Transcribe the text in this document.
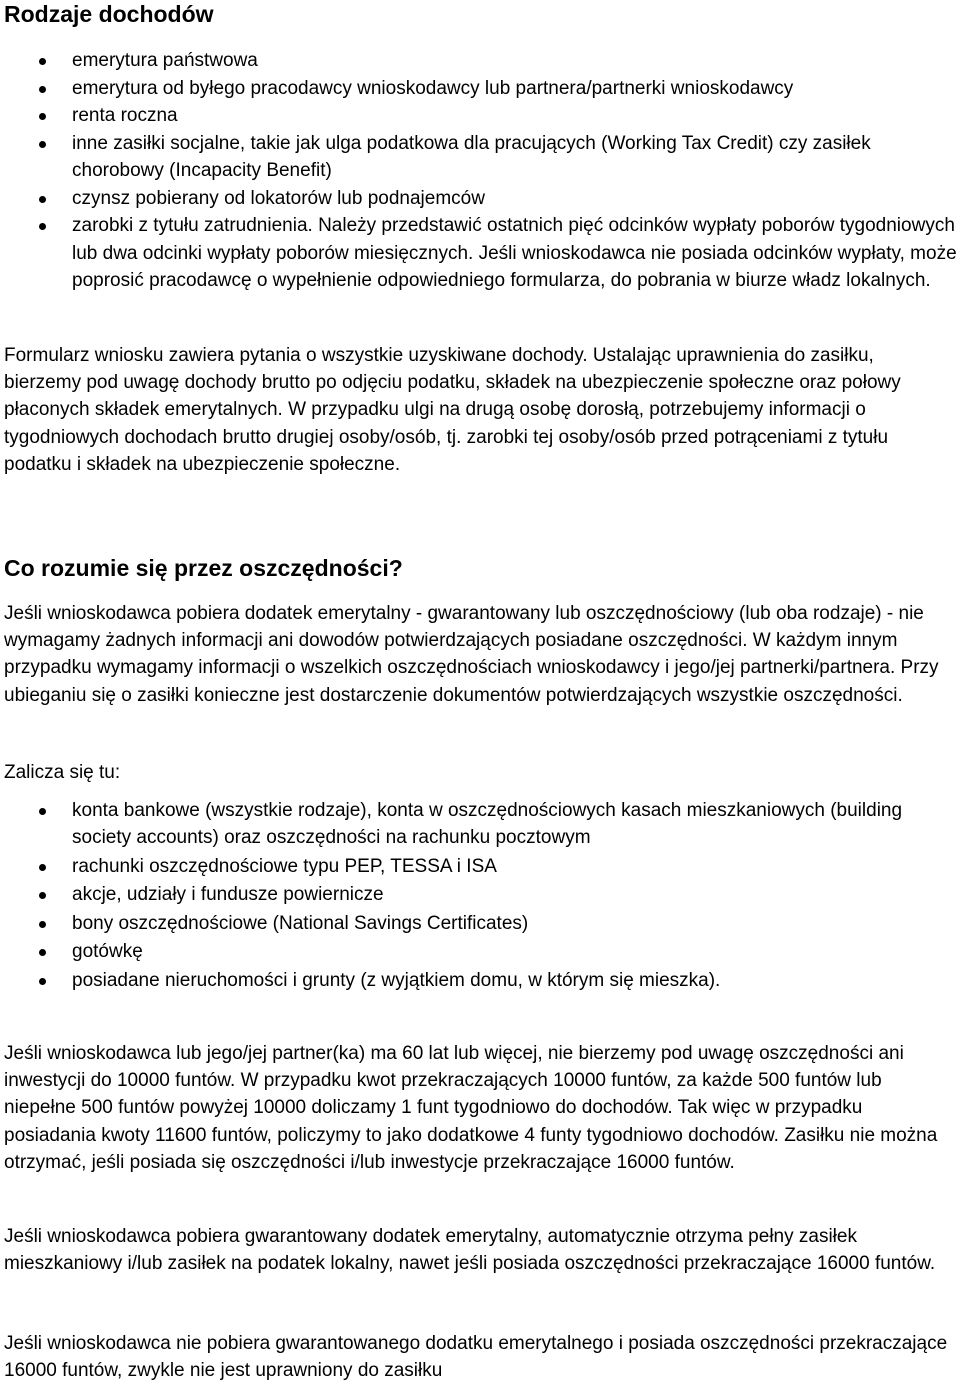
Rodzaje dochodów
emerytura państwowa
emerytura od byłego pracodawcy wnioskodawcy lub partnera/partnerki wnioskodawcy
renta roczna
inne zasiłki socjalne, takie jak ulga podatkowa dla pracujących (Working Tax Credit) czy zasiłek chorobowy (Incapacity Benefit)
czynsz pobierany od lokatorów lub podnajemców
zarobki z tytułu zatrudnienia. Należy przedstawić ostatnich pięć odcinków wypłaty poborów tygodniowych lub dwa odcinki wypłaty poborów miesięcznych. Jeśli wnioskodawca nie posiada odcinków wypłaty, może poprosić pracodawcę o wypełnienie odpowiedniego formularza, do pobrania w biurze władz lokalnych.

Formularz wniosku zawiera pytania o wszystkie uzyskiwane dochody. Ustalając uprawnienia do zasiłku, bierzemy pod uwagę dochody brutto po odjęciu podatku, składek na ubezpieczenie społeczne oraz połowy płaconych składek emerytalnych. W przypadku ulgi na drugą osobę dorosłą, potrzebujemy informacji o tygodniowych dochodach brutto drugiej osoby/osób, tj. zarobki tej osoby/osób przed potrąceniami z tytułu podatku i składek na ubezpieczenie społeczne.

Co rozumie się przez oszczędności?

Jeśli wnioskodawca pobiera dodatek emerytalny - gwarantowany lub oszczędnościowy (lub oba rodzaje) - nie wymagamy żadnych informacji ani dowodów potwierdzających posiadane oszczędności. W każdym innym przypadku wymagamy informacji o wszelkich oszczędnościach wnioskodawcy i jego/jej partnerki/partnera. Przy ubieganiu się o zasiłki konieczne jest dostarczenie dokumentów potwierdzających wszystkie oszczędności.

Zalicza się tu:

konta bankowe (wszystkie rodzaje), konta w oszczędnościowych kasach mieszkaniowych (building society accounts) oraz oszczędności na rachunku pocztowym
rachunki oszczędnościowe typu PEP, TESSA i ISA
akcje, udziały i fundusze powiernicze
bony oszczędnościowe (National Savings Certificates)
gotówkę
posiadane nieruchomości i grunty (z wyjątkiem domu, w którym się mieszka).

Jeśli wnioskodawca lub jego/jej partner(ka) ma 60 lat lub więcej, nie bierzemy pod uwagę oszczędności ani inwestycji do 10000 funtów. W przypadku kwot przekraczających 10000 funtów, za każde 500 funtów lub niepełne 500 funtów powyżej 10000 doliczamy 1 funt tygodniowo do dochodów. Tak więc w przypadku posiadania kwoty 11600 funtów, policzymy to jako dodatkowe 4 funty tygodniowo dochodów. Zasiłku nie można otrzymać, jeśli posiada się oszczędności i/lub inwestycje przekraczające 16000 funtów.

Jeśli wnioskodawca pobiera gwarantowany dodatek emerytalny, automatycznie otrzyma pełny zasiłek mieszkaniowy i/lub zasiłek na podatek lokalny, nawet jeśli posiada oszczędności przekraczające 16000 funtów.

Jeśli wnioskodawca nie pobiera gwarantowanego dodatku emerytalnego i posiada oszczędności przekraczające 16000 funtów, zwykle nie jest uprawniony do zasiłku
